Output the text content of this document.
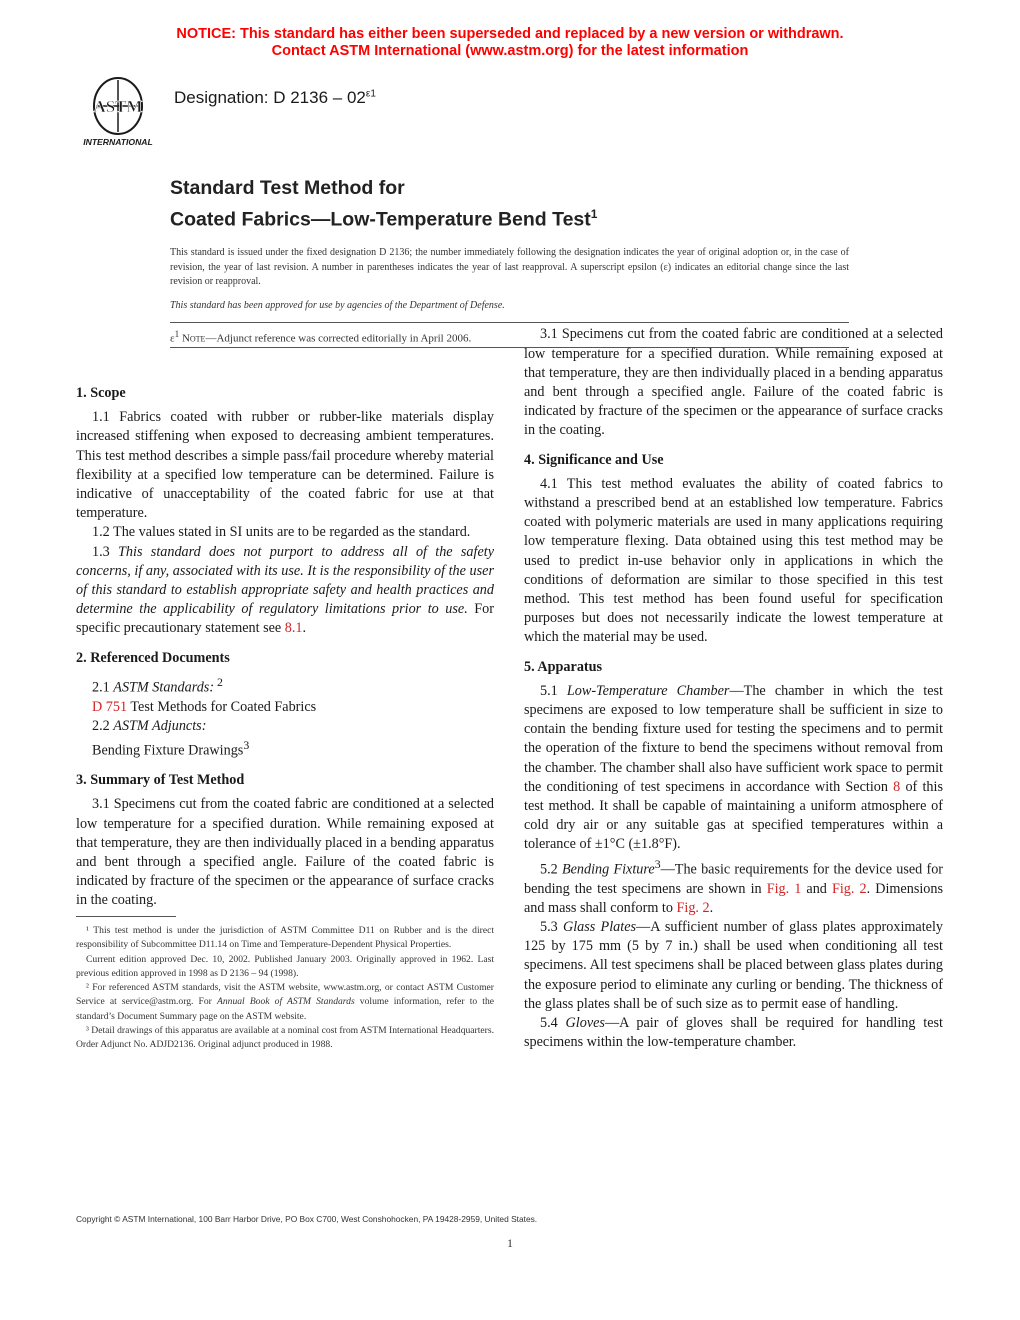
NOTICE: This standard has either been superseded and replaced by a new version or withdrawn.
Contact ASTM International (www.astm.org) for the latest information
ASTM
INTERNATIONAL
Designation: D $2136 - 02^{\varepsilon 1}$
Standard Test Method for
Coated Fabrics—Low-Temperature Bend Test$^1$
This standard is issued under the fixed designation D 2136; the number immediately following the designation indicates the year of original adoption or, in the case of revision, the year of last revision. A number in parentheses indicates the year of last reapproval. A superscript epsilon (ε) indicates an editorial change since the last revision or reapproval.
This standard has been approved for use by agencies of the Department of Defense.
$\varepsilon^1$ Note—Adjunct reference was corrected editorially in April 2006.
1. Scope

1.1 Fabrics coated with rubber or rubber-like materials display increased stiffening when exposed to decreasing ambient temperatures. This test method describes a simple pass/fail procedure whereby material flexibility at a specified low temperature can be determined. Failure is indicative of unacceptability of the coated fabric for use at that temperature.

1.2 The values stated in SI units are to be regarded as the standard.

1.3 This standard does not purport to address all of the safety concerns, if any, associated with its use. It is the responsibility of the user of this standard to establish appropriate safety and health practices and determine the applicability of regulatory limitations prior to use. For specific precautionary statement see 8.1.

2. Referenced Documents

2.1 ASTM Standards: $^2$

D 751 Test Methods for Coated Fabrics

2.2 ASTM Adjuncts:

Bending Fixture Drawings$^3$

3. Summary of Test Method

3.1 Specimens cut from the coated fabric are conditioned at a selected low temperature for a specified duration. While remaining exposed at that temperature, they are then individually placed in a bending apparatus and bent through a specified angle. Failure of the coated fabric is indicated by fracture of the specimen or the appearance of surface cracks in the coating.

3.1 Specimens cut from the coated fabric are conditioned at a selected low temperature for a specified duration. While remaining exposed at that temperature, they are then individually placed in a bending apparatus and bent through a specified angle. Failure of the coated fabric is indicated by fracture of the specimen or the appearance of surface cracks in the coating.

4. Significance and Use

4.1 This test method evaluates the ability of coated fabrics to withstand a prescribed bend at an established low temperature. Fabrics coated with polymeric materials are used in many applications requiring low temperature flexing. Data obtained using this test method may be used to predict in-use behavior only in applications in which the conditions of deformation are similar to those specified in this test method. This test method has been found useful for specification purposes but does not necessarily indicate the lowest temperature at which the material may be used.

5. Apparatus

5.1 Low-Temperature Chamber—The chamber in which the test specimens are exposed to low temperature shall be sufficient in size to contain the bending fixture used for testing the specimens and to permit the operation of the fixture to bend the specimens without removal from the chamber. The chamber shall also have sufficient work space to permit the conditioning of test specimens in accordance with Section 8 of this test method. It shall be capable of maintaining a uniform atmosphere of cold dry air or any suitable gas at specified temperatures within a tolerance of ±1°C (±1.8°F).

5.2 Bending Fixture$^3$—The basic requirements for the device used for bending the test specimens are shown in Fig. 1 and Fig. 2. Dimensions and mass shall conform to Fig. 2.

5.3 Glass Plates—A sufficient number of glass plates approximately 125 by 175 mm (5 by 7 in.) shall be used when conditioning all test specimens. All test specimens shall be placed between glass plates during the exposure period to eliminate any curling or bending. The thickness of the glass plates shall be of such size as to permit ease of handling.

5.4 Gloves—A pair of gloves shall be required for handling test specimens within the low-temperature chamber.

¹ This test method is under the jurisdiction of ASTM Committee D11 on Rubber and is the direct responsibility of Subcommittee D11.14 on Time and Temperature-Dependent Physical Properties.

Current edition approved Dec. 10, 2002. Published January 2003. Originally approved in 1962. Last previous edition approved in 1998 as D 2136 – 94 (1998).

² For referenced ASTM standards, visit the ASTM website, www.astm.org, or contact ASTM Customer Service at service@astm.org. For Annual Book of ASTM Standards volume information, refer to the standard’s Document Summary page on the ASTM website.

³ Detail drawings of this apparatus are available at a nominal cost from ASTM International Headquarters. Order Adjunct No. ADJD2136. Original adjunct produced in 1988.

Copyright © ASTM International, 100 Barr Harbor Drive, PO Box C700, West Conshohocken, PA 19428-2959, United States.
1
